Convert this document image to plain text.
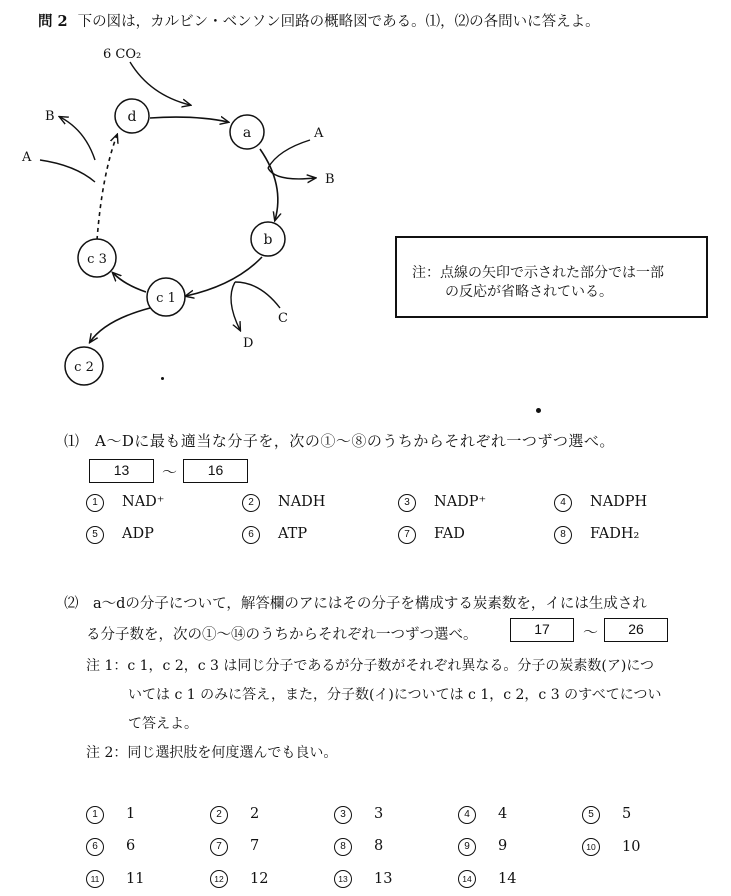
問 2 下の図は，カルビン・ベンソン回路の概略図である。⑴，⑵の各問いに答えよ。
6 CO₂
A
B
A
B
C
D
d
a
b
c 1
c 3
c 2
注：点線の矢印で示された部分では一部
の反応が省略されている。
⑴　A～Dに最も適当な分子を，次の①～⑧のうちからそれぞれ一つずつ選べ。
13	～	16
1 NAD⁺	2 NADH	3 NADP⁺	4 NADPH
5 ADP	6 ATP	7 FAD	8 FADH₂
⑵　a～dの分子について，解答欄のアにはその分子を構成する炭素数を，イには生成され
る分子数を，次の①～⑭のうちからそれぞれ一つずつ選べ。	17	～	26
注 1：c 1，c 2，c 3 は同じ分子であるが分子数がそれぞれ異なる。分子の炭素数(ア)につ
いては c 1 のみに答え，また，分子数(イ)については c 1，c 2，c 3 のすべてについ
て答えよ。
注 2：同じ選択肢を何度選んでも良い。
1 1	2 2	3 3	4 4	5 5
6 6	7 7	8 8	9 9	10 10
11 11	12 12	13 13	14 14
